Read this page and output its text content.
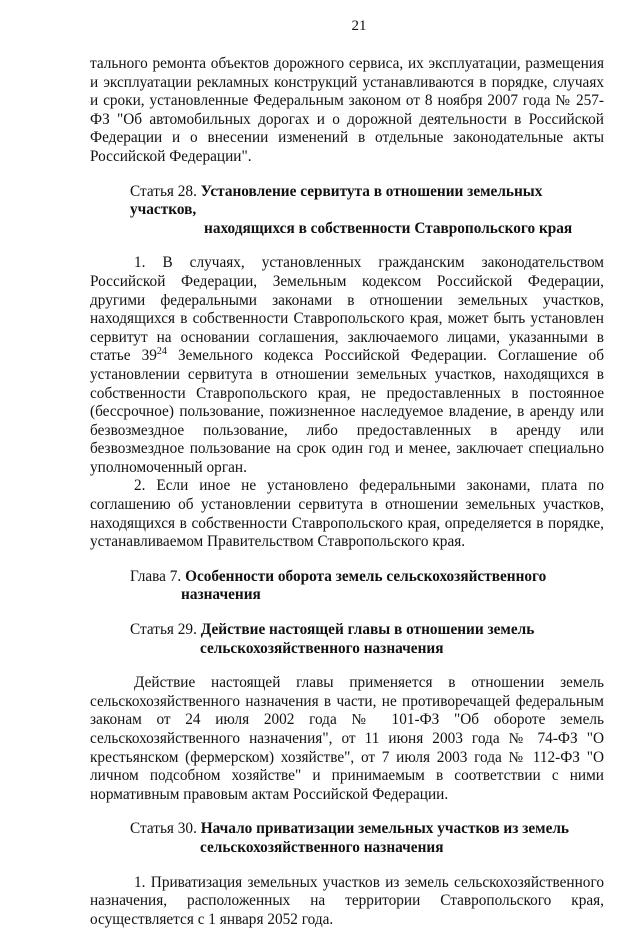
21

тального ремонта объектов дорожного сервиса, их эксплуатации, размещения и эксплуатации рекламных конструкций устанавливаются в порядке, случаях и сроки, установленные Федеральным законом от 8 ноября 2007 года № 257-ФЗ "Об автомобильных дорогах и о дорожной деятельности в Российской Федерации и о внесении изменений в отдельные законодательные акты Российской Федерации".

Статья 28. Установление сервитута в отношении земельных участков,
находящихся в собственности Ставропольского края

1. В случаях, установленных гражданским законодательством Российской Федерации, Земельным кодексом Российской Федерации, другими федеральными законами в отношении земельных участков, находящихся в собственности Ставропольского края, может быть установлен сервитут на основании соглашения, заключаемого лицами, указанными в статье $39^{24}$ Земельного кодекса Российской Федерации. Соглашение об установлении сервитута в отношении земельных участков, находящихся в собственности Ставропольского края, не предоставленных в постоянное (бессрочное) пользование, пожизненное наследуемое владение, в аренду или безвозмездное пользование, либо предоставленных в аренду или безвозмездное пользование на срок один год и менее, заключает специально уполномоченный орган.

2. Если иное не установлено федеральными законами, плата по соглашению об установлении сервитута в отношении земельных участков, находящихся в собственности Ставропольского края, определяется в порядке, устанавливаемом Правительством Ставропольского края.

Глава 7. Особенности оборота земель сельскохозяйственного
назначения
Статья 29. Действие настоящей главы в отношении земель
сельскохозяйственного назначения

Действие настоящей главы применяется в отношении земель сельскохозяйственного назначения в части, не противоречащей федеральным законам от 24 июля 2002 года № 101-ФЗ "Об обороте земель сельскохозяйственного назначения", от 11 июня 2003 года № 74-ФЗ "О крестьянском (фермерском) хозяйстве", от 7 июля 2003 года № 112-ФЗ "О личном подсобном хозяйстве" и принимаемым в соответствии с ними нормативным правовым актам Российской Федерации.

Статья 30. Начало приватизации земельных участков из земель
сельскохозяйственного назначения

1. Приватизация земельных участков из земель сельскохозяйственного назначения, расположенных на территории Ставропольского края, осуществляется с 1 января 2052 года.
